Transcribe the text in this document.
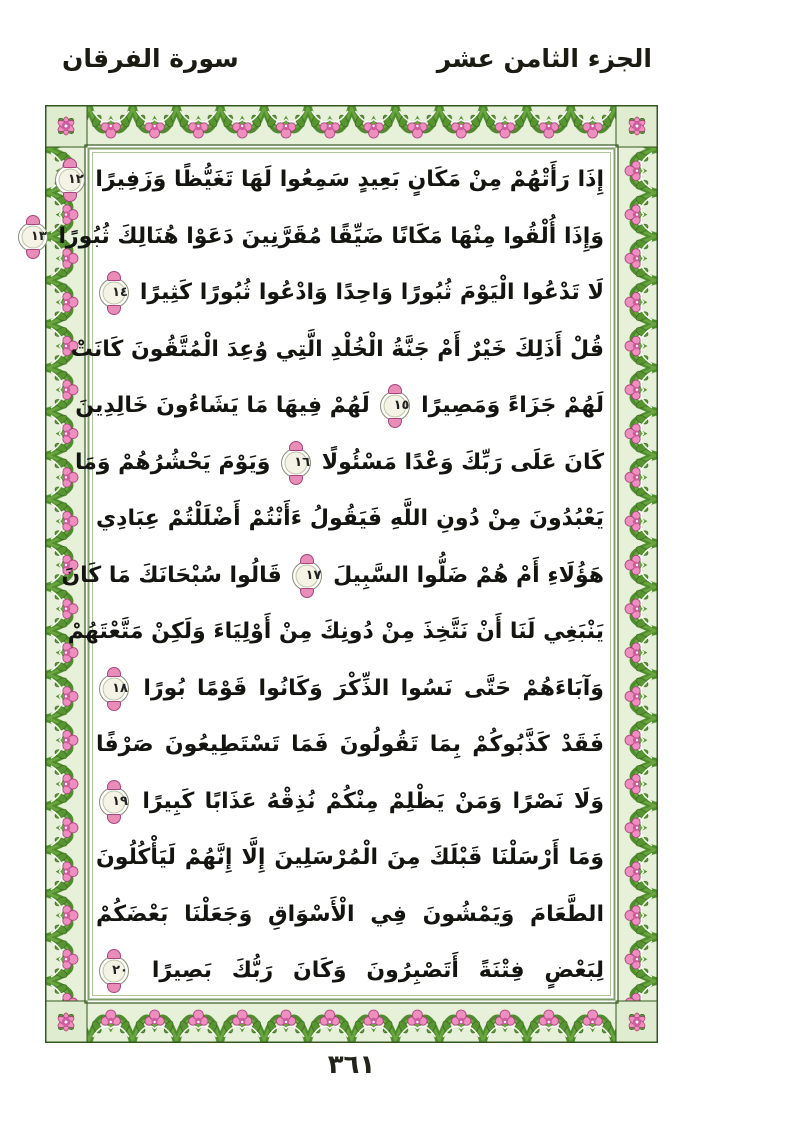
الجزء الثامن عشر
سورة الفرقان
إِذَا رَأَتْهُمْ مِنْ مَكَانٍ بَعِيدٍ سَمِعُوا لَهَا تَغَيُّظًا وَزَفِيرًا ١٢
وَإِذَا أُلْقُوا مِنْهَا مَكَانًا ضَيِّقًا مُقَرَّنِينَ دَعَوْا هُنَالِكَ ثُبُورًا ١٣
لَا تَدْعُوا الْيَوْمَ ثُبُورًا وَاحِدًا وَادْعُوا ثُبُورًا كَثِيرًا ١٤
قُلْ أَذَلِكَ خَيْرٌ أَمْ جَنَّةُ الْخُلْدِ الَّتِي وُعِدَ الْمُتَّقُونَ كَانَتْ
لَهُمْ جَزَاءً وَمَصِيرًا ١٥ لَهُمْ فِيهَا مَا يَشَاءُونَ خَالِدِينَ
كَانَ عَلَى رَبِّكَ وَعْدًا مَسْئُولًا ١٦ وَيَوْمَ يَحْشُرُهُمْ وَمَا
يَعْبُدُونَ مِنْ دُونِ اللَّهِ فَيَقُولُ ءَأَنْتُمْ أَضْلَلْتُمْ عِبَادِي
هَؤُلَاءِ أَمْ هُمْ ضَلُّوا السَّبِيلَ ١٧ قَالُوا سُبْحَانَكَ مَا كَانَ
يَنْبَغِي لَنَا أَنْ نَتَّخِذَ مِنْ دُونِكَ مِنْ أَوْلِيَاءَ وَلَكِنْ مَتَّعْتَهُمْ
وَآبَاءَهُمْ حَتَّى نَسُوا الذِّكْرَ وَكَانُوا قَوْمًا بُورًا ١٨
فَقَدْ كَذَّبُوكُمْ بِمَا تَقُولُونَ فَمَا تَسْتَطِيعُونَ صَرْفًا
وَلَا نَصْرًا وَمَنْ يَظْلِمْ مِنْكُمْ نُذِقْهُ عَذَابًا كَبِيرًا ١٩
وَمَا أَرْسَلْنَا قَبْلَكَ مِنَ الْمُرْسَلِينَ إِلَّا إِنَّهُمْ لَيَأْكُلُونَ
الطَّعَامَ وَيَمْشُونَ فِي الْأَسْوَاقِ وَجَعَلْنَا بَعْضَكُمْ
لِبَعْضٍ فِتْنَةً أَتَصْبِرُونَ وَكَانَ رَبُّكَ بَصِيرًا ٢٠
٣٦١
